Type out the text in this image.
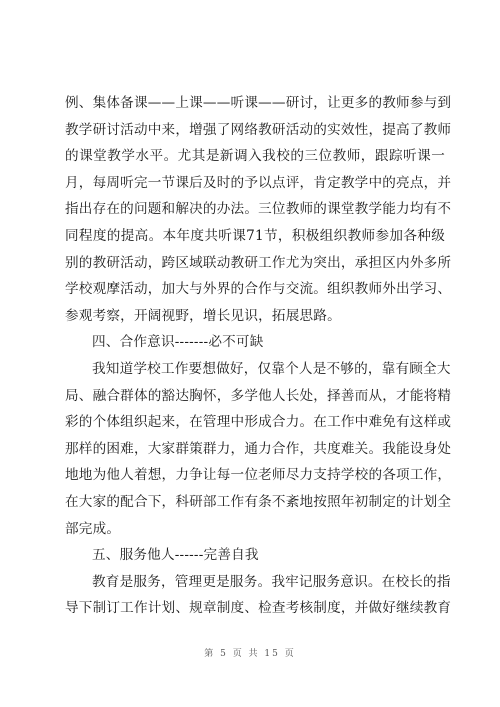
例、集体备课——上课——听课——研讨，让更多的教师参与到
教学研讨活动中来，增强了网络教研活动的实效性，提高了教师
的课堂教学水平。尤其是新调入我校的三位教师，跟踪听课一
月，每周听完一节课后及时的予以点评，肯定教学中的亮点，并
指出存在的问题和解决的办法。三位教师的课堂教学能力均有不
同程度的提高。本年度共听课71节，积极组织教师参加各种级
别的教研活动，跨区域联动教研工作尤为突出，承担区内外多所
学校观摩活动，加大与外界的合作与交流。组织教师外出学习、
参观考察，开阔视野，增长见识，拓展思路。
四、合作意识-------必不可缺
我知道学校工作要想做好，仅靠个人是不够的，靠有顾全大
局、融合群体的豁达胸怀，多学他人长处，择善而从，才能将精
彩的个体组织起来，在管理中形成合力。在工作中难免有这样或
那样的困难，大家群策群力，通力合作，共度难关。我能设身处
地地为他人着想，力争让每一位老师尽力支持学校的各项工作，
在大家的配合下，科研部工作有条不紊地按照年初制定的计划全
部完成。
五、服务他人------完善自我
教育是服务，管理更是服务。我牢记服务意识。在校长的指
导下制订工作计划、规章制度、检查考核制度，并做好继续教育
第 5 页 共 15 页
